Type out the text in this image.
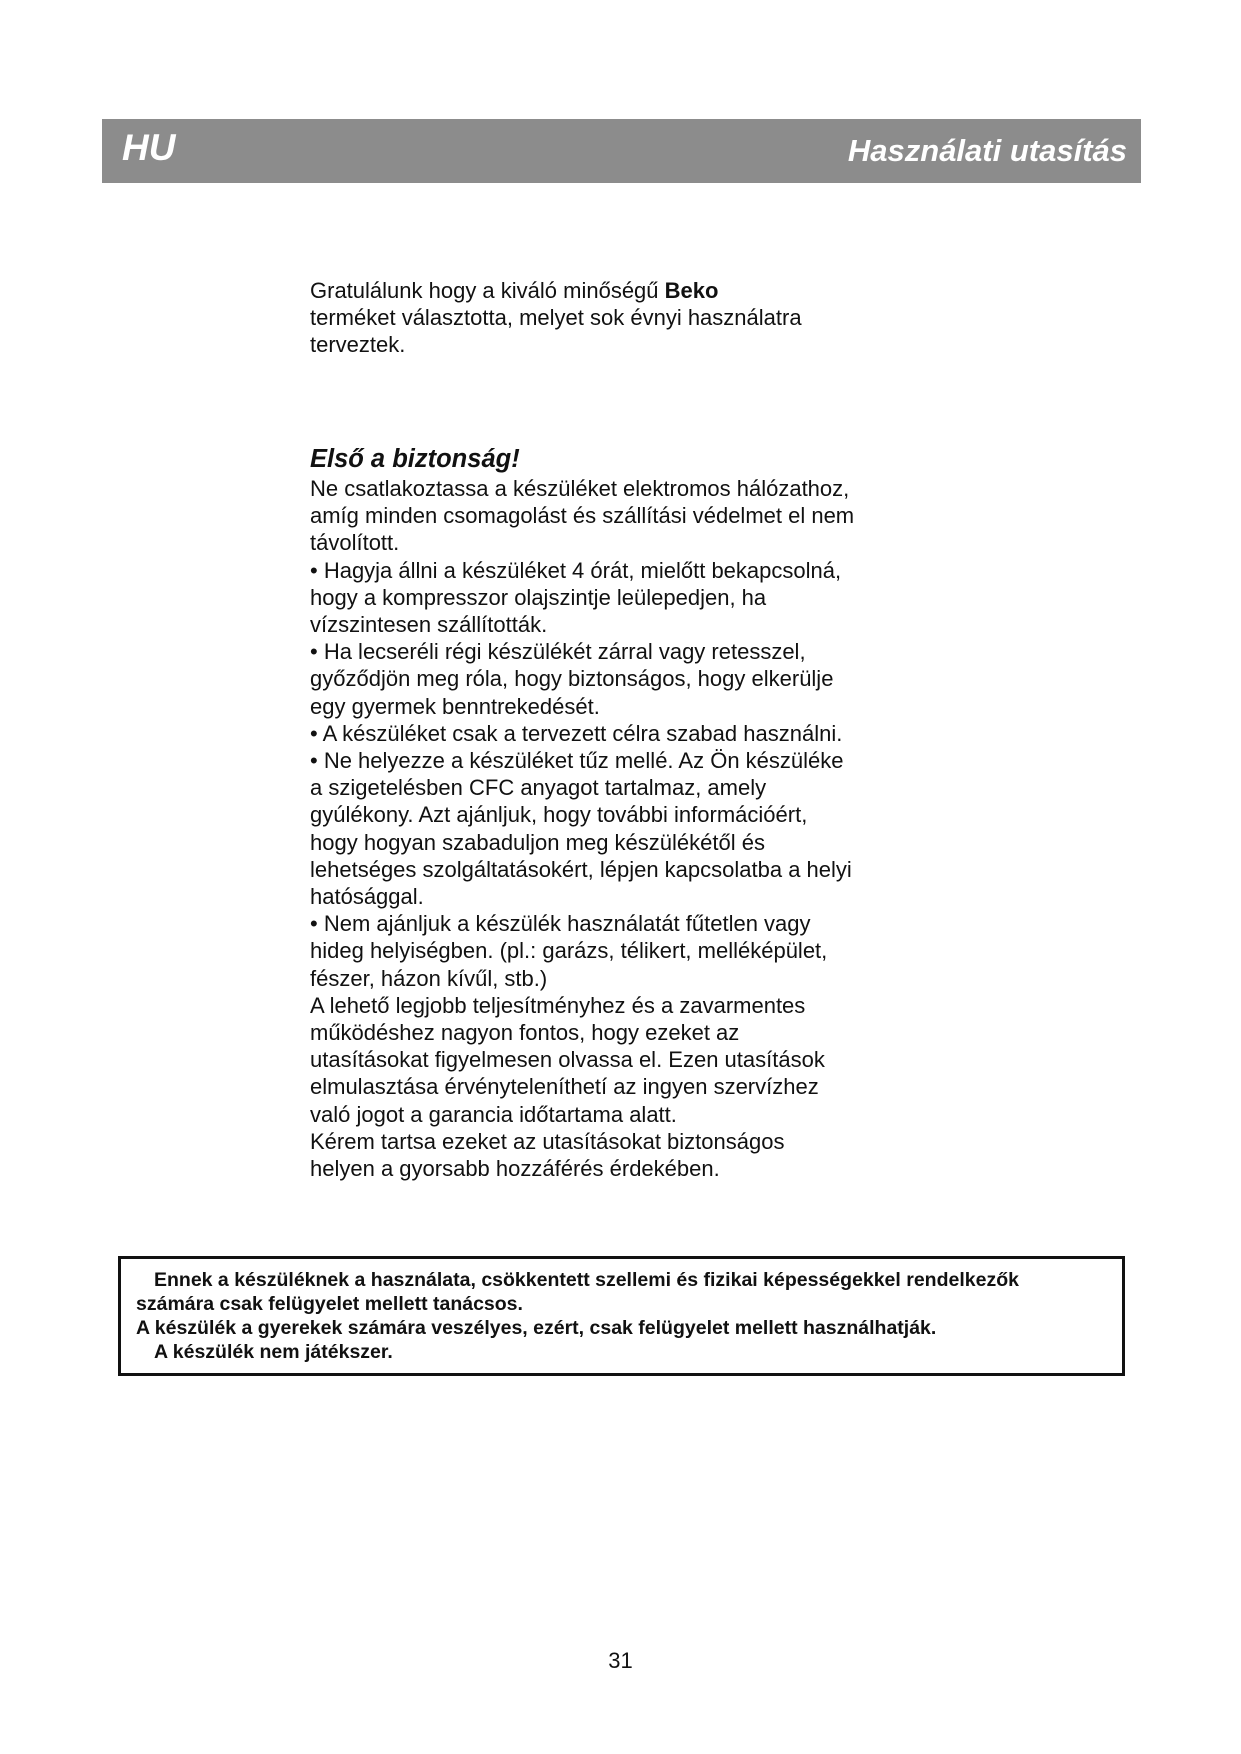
HU	Használati utasítás

Gratulálunk hogy a kiváló minőségű Beko

terméket választotta, melyet sok évnyi használatra

terveztek.

Első a biztonság!

Ne csatlakoztassa a készüléket elektromos hálózathoz,

amíg minden csomagolást és szállítási védelmet el nem

távolított.

• Hagyja állni a készüléket 4 órát, mielőtt bekapcsolná,

hogy a kompresszor olajszintje leülepedjen, ha

vízszintesen szállították.

• Ha lecseréli régi készülékét zárral vagy retesszel,

győződjön meg róla, hogy biztonságos, hogy elkerülje

egy gyermek benntrekedését.

• A készüléket csak a tervezett célra szabad használni.

• Ne helyezze a készüléket tűz mellé. Az Ön készüléke

a szigetelésben CFC anyagot tartalmaz, amely

gyúlékony. Azt ajánljuk, hogy további információért,

hogy hogyan szabaduljon meg készülékétől és

lehetséges szolgáltatásokért, lépjen kapcsolatba a helyi

hatósággal.

• Nem ajánljuk a készülék használatát fűtetlen vagy

hideg helyiségben. (pl.: garázs, télikert, melléképület,

fészer, házon kívűl, stb.)

A lehető legjobb teljesítményhez és a zavarmentes

működéshez nagyon fontos, hogy ezeket az

utasításokat figyelmesen olvassa el. Ezen utasítások

elmulasztása érvényteleníthetí az ingyen szervízhez

való jogot a garancia időtartama alatt.

Kérem tartsa ezeket az utasításokat biztonságos

helyen a gyorsabb hozzáférés érdekében.

Ennek a készüléknek a használata, csökkentett szellemi és fizikai képességekkel rendelkezők

számára csak felügyelet mellett tanácsos.

A készülék a gyerekek számára veszélyes, ezért, csak felügyelet mellett használhatják.

A készülék nem játékszer.

31
